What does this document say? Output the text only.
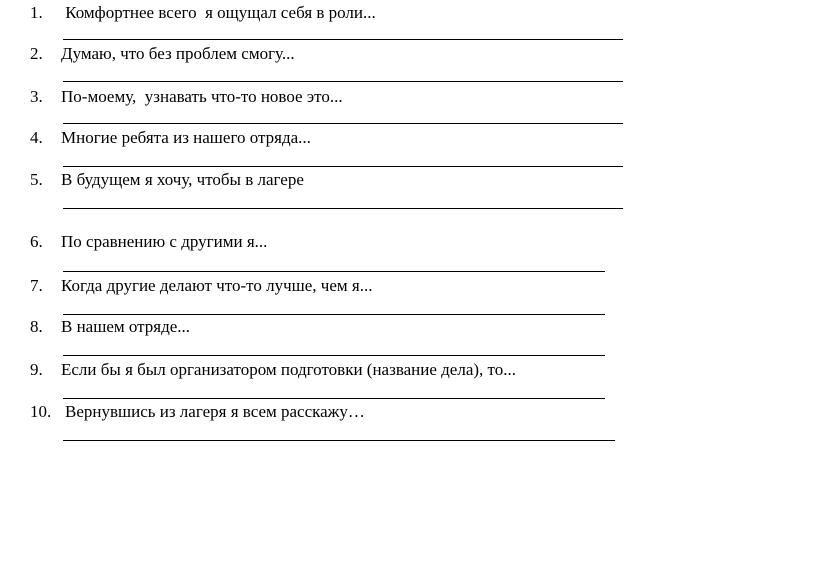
1. Комфортнее всего  я ощущал себя в роли...
2. Думаю, что без проблем смогу...
3. По-моему,  узнавать что-то новое это...
4. Многие ребята из нашего отряда...
5. В будущем я хочу, чтобы в лагере
6. По сравнению с другими я...
7. Когда другие делают что-то лучше, чем я...
8. В нашем отряде...
9. Если бы я был организатором подготовки (название дела), то...
10. Вернувшись из лагеря я всем расскажу…
